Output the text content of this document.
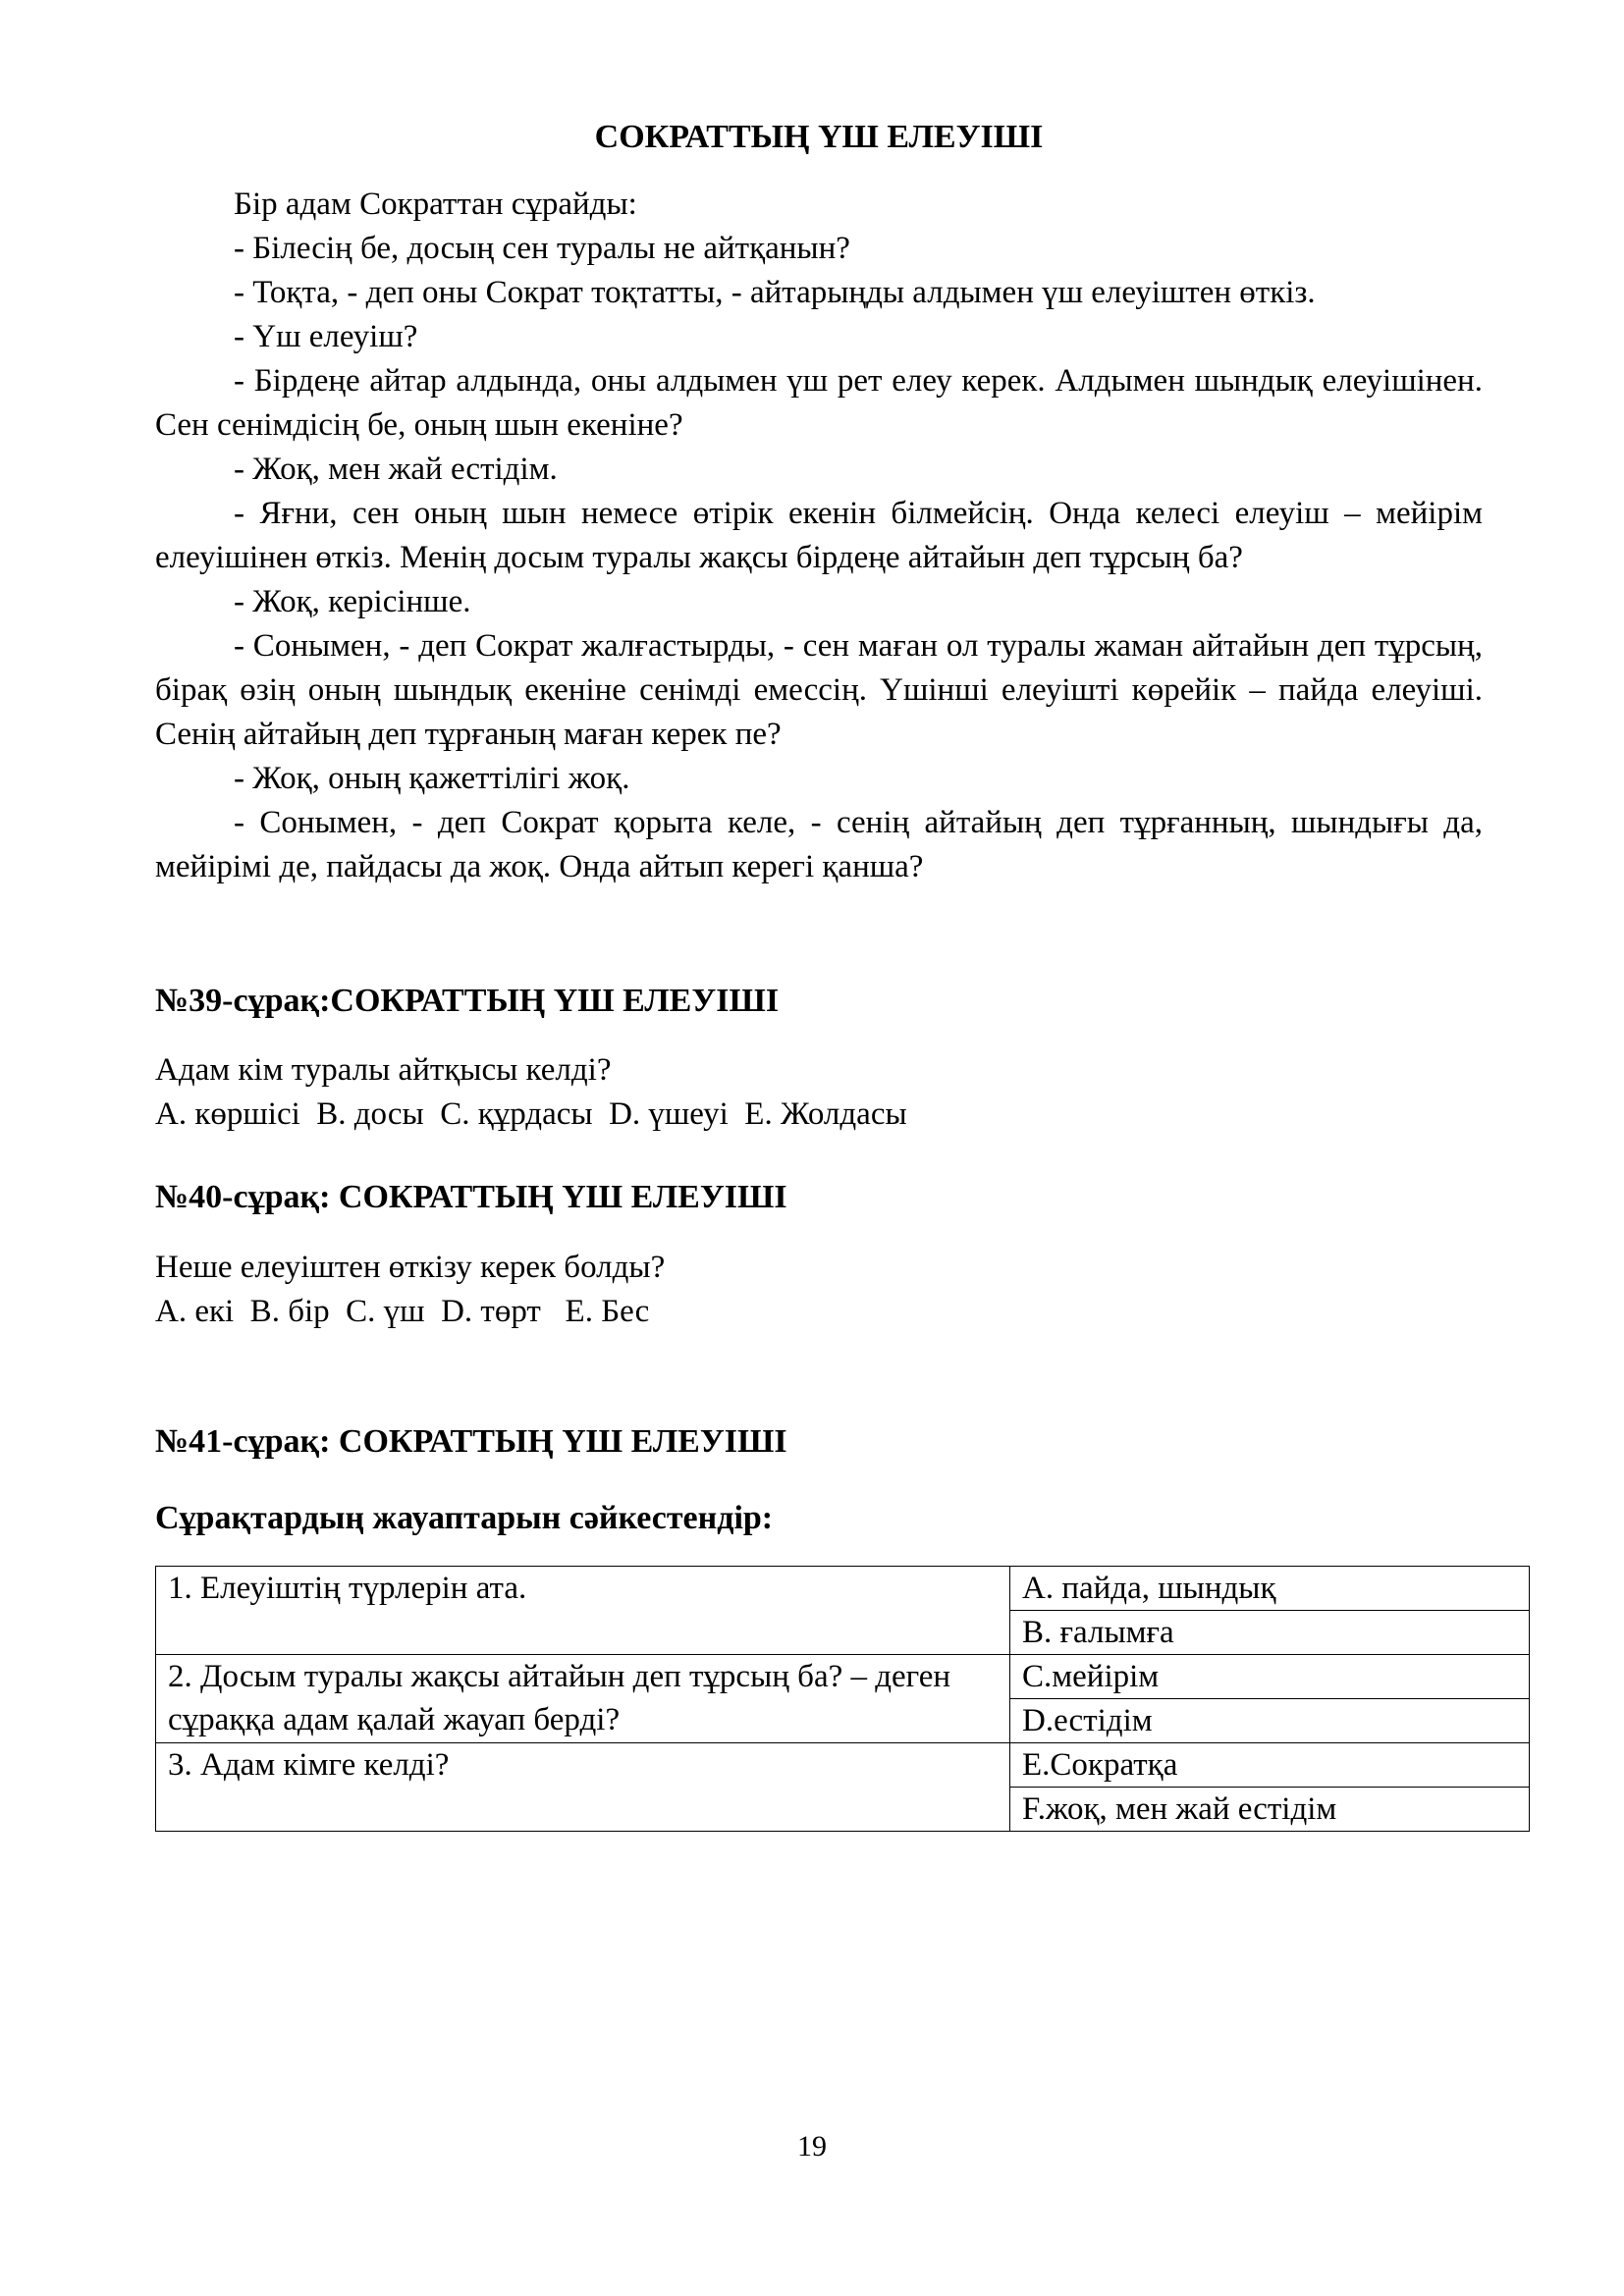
СОКРАТТЫҢ ҮШ ЕЛЕУІШІ

Бір адам Сократтан сұрайды:

- Білесің бе, досың сен туралы не айтқанын?

- Тоқта, - деп оны Сократ тоқтатты, - айтарыңды алдымен үш елеуіштен өткіз.

- Үш елеуіш?

- Бірдеңе айтар алдында, оны алдымен үш рет елеу керек. Алдымен шындық елеуішінен. Сен сенімдісің бе, оның шын екеніне?

- Жоқ, мен жай естідім.

- Яғни, сен оның шын немесе өтірік екенін білмейсің. Онда келесі елеуіш – мейірім елеуішінен өткіз. Менің досым туралы жақсы бірдеңе айтайын деп тұрсың ба?

- Жоқ, керісінше.

- Сонымен, - деп Сократ жалғастырды, - сен маған ол туралы жаман айтайын деп тұрсың, бірақ өзің оның шындық екеніне сенімді емессің. Үшінші елеуішті көрейік – пайда елеуіші. Сенің айтайың деп тұрғаның маған керек пе?

- Жоқ, оның қажеттілігі жоқ.

- Сонымен, - деп Сократ қорыта келе, - сенің айтайың деп тұрғанның, шындығы да, мейірімі де, пайдасы да жоқ. Онда айтып керегі қанша?

№39-сұрақ:СОКРАТТЫҢ ҮШ ЕЛЕУІШІ

Адам кім туралы айтқысы келді?

А. көршісі  В. досы  С. құрдасы  D. үшеуі  Е. Жолдасы

№40-сұрақ: СОКРАТТЫҢ ҮШ ЕЛЕУІШІ

Неше елеуіштен өткізу керек болды?

А. екі  В. бір  С. үш  D. төрт   Е. Бес

№41-сұрақ: СОКРАТТЫҢ ҮШ ЕЛЕУІШІ

Сұрақтардың жауаптарын сәйкестендір:

1. Елеуіштің түрлерін ата.	А. пайда, шындық
	В. ғалымға
2. Досым туралы жақсы айтайын деп тұрсың ба? – деген сұраққа адам қалай жауап берді?	С.мейірім
	D.естідім
3. Адам кімге келді?	Е.Сократқа
	F.жоқ, мен жай естідім
19
